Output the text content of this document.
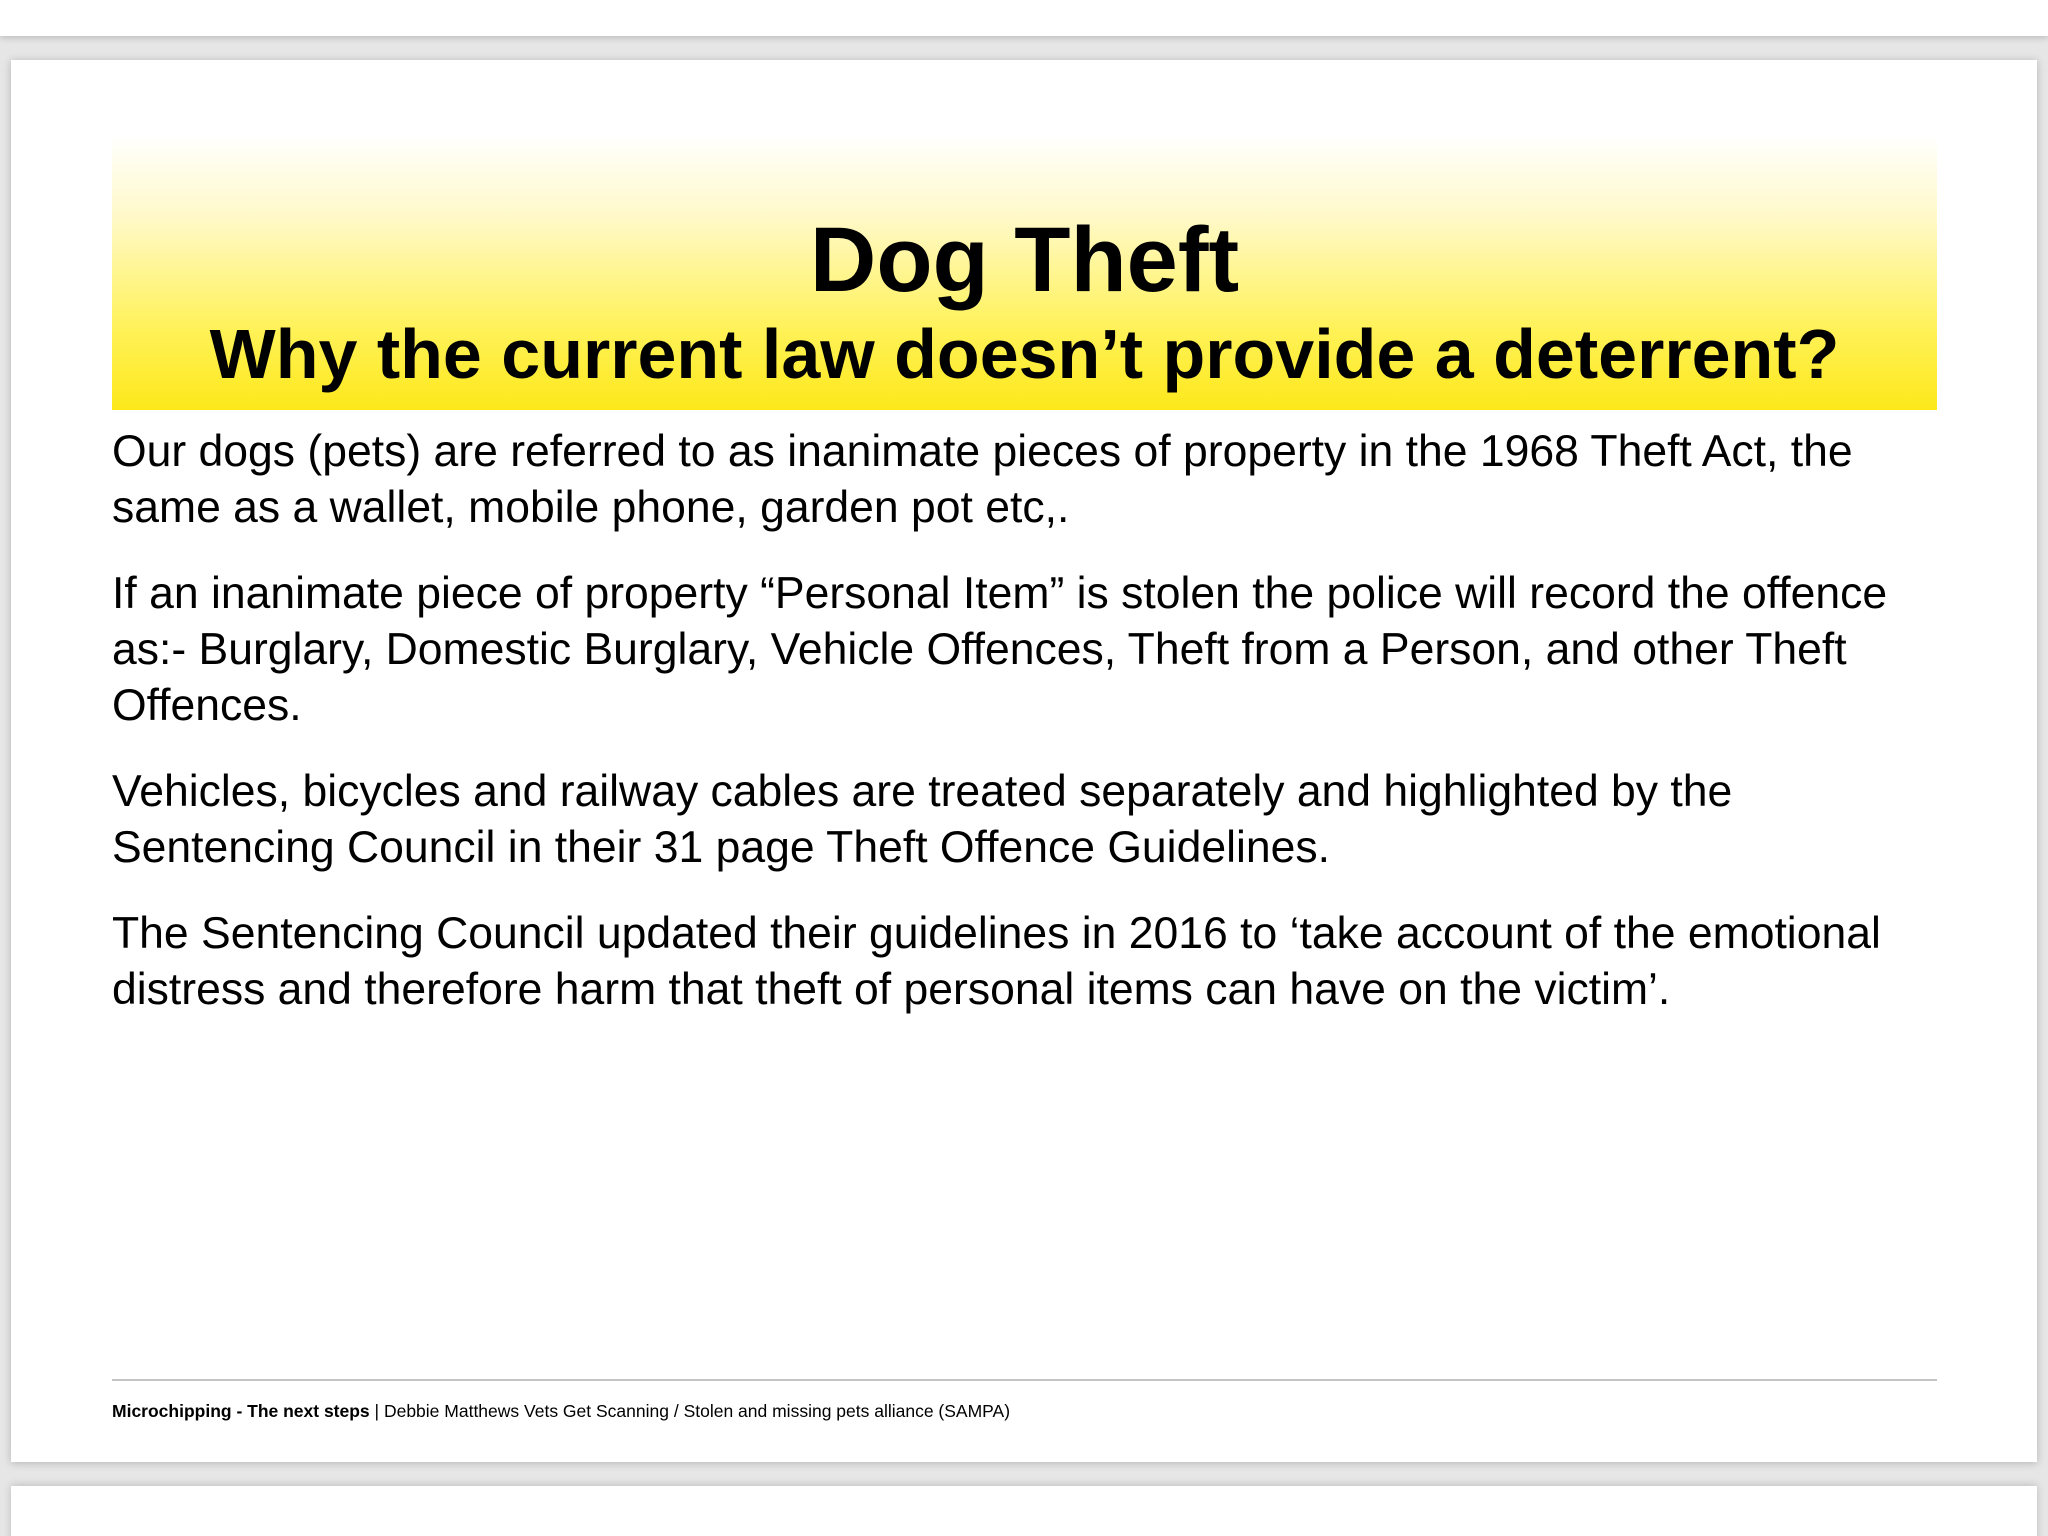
Dog Theft
Why the current law doesn’t provide a deterrent?

Our dogs (pets) are referred to as inanimate pieces of property in the 1968 Theft Act, the same as a wallet, mobile phone, garden pot etc,.

If an inanimate piece of property “Personal Item” is stolen the police will record the offence as:- Burglary, Domestic Burglary, Vehicle Offences, Theft from a Person, and other Theft Offences.

Vehicles, bicycles and railway cables are treated separately and highlighted by the Sentencing Council in their 31 page Theft Offence Guidelines.

The Sentencing Council updated their guidelines in 2016 to ‘take account of the emotional distress and therefore harm that theft of personal items can have on the victim’.

Microchipping - The next steps | Debbie Matthews Vets Get Scanning / Stolen and missing pets alliance (SAMPA)
